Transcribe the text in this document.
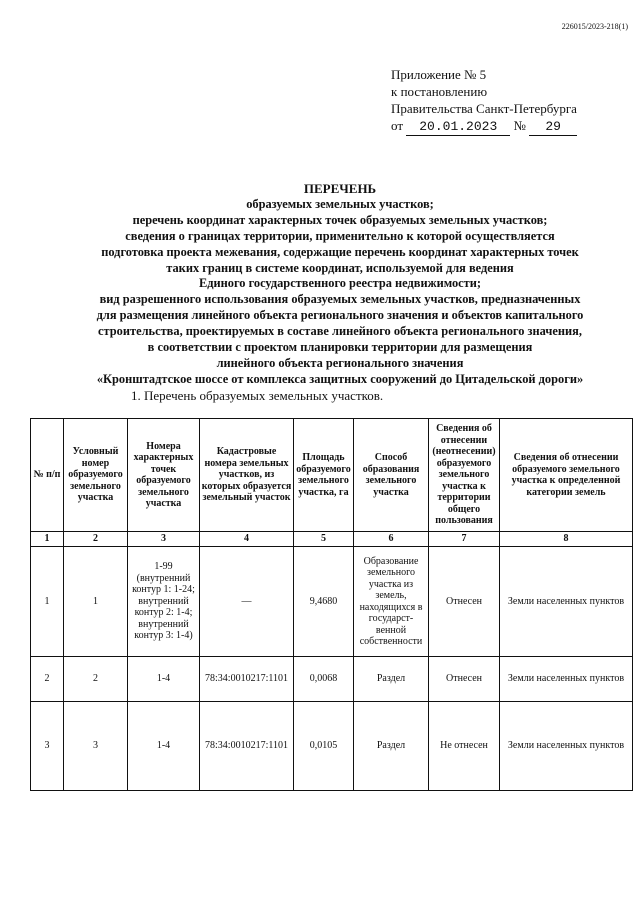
226015/2023-218(1)
Приложение № 5
к постановлению
Правительства Санкт-Петербурга
от 20.01.2023 № 29
ПЕРЕЧЕНЬ
образуемых земельных участков;
перечень координат характерных точек образуемых земельных участков;
сведения о границах территории, применительно к которой осуществляется
подготовка проекта межевания, содержащие перечень координат характерных точек
таких границ в системе координат, используемой для ведения
Единого государственного реестра недвижимости;
вид разрешенного использования образуемых земельных участков, предназначенных
для размещения линейного объекта регионального значения и объектов капитального
строительства, проектируемых в составе линейного объекта регионального значения,
в соответствии с проектом планировки территории для размещения
линейного объекта регионального значения
«Кронштадтское шоссе от комплекса защитных сооружений до Цитадельской дороги»
1. Перечень образуемых земельных участков.
№ п/п	Условный номер образуемого земельного участка	Номера характерных точек образуемого земельного участка	Кадастровые номера земельных участков, из которых образуется земельный участок	Площадь образуемого земельного участка, га	Способ образования земельного участка	Сведения об отнесении (неотнесении) образуемого земельного участка к территории общего пользования	Сведения об отнесении образуемого земельного участка к определенной категории земель
1	2	3	4	5	6	7	8
1	1	1-99 (внутренний контур 1: 1-24; внутренний контур 2: 1-4; внутренний контур 3: 1-4)	—	9,4680	Образование земельного участка из земель, находящихся в государст-венной собственности	Отнесен	Земли населенных пунктов
2	2	1-4	78:34:0010217:1101	0,0068	Раздел	Отнесен	Земли населенных пунктов
3	3	1-4	78:34:0010217:1101	0,0105	Раздел	Не отнесен	Земли населенных пунктов
